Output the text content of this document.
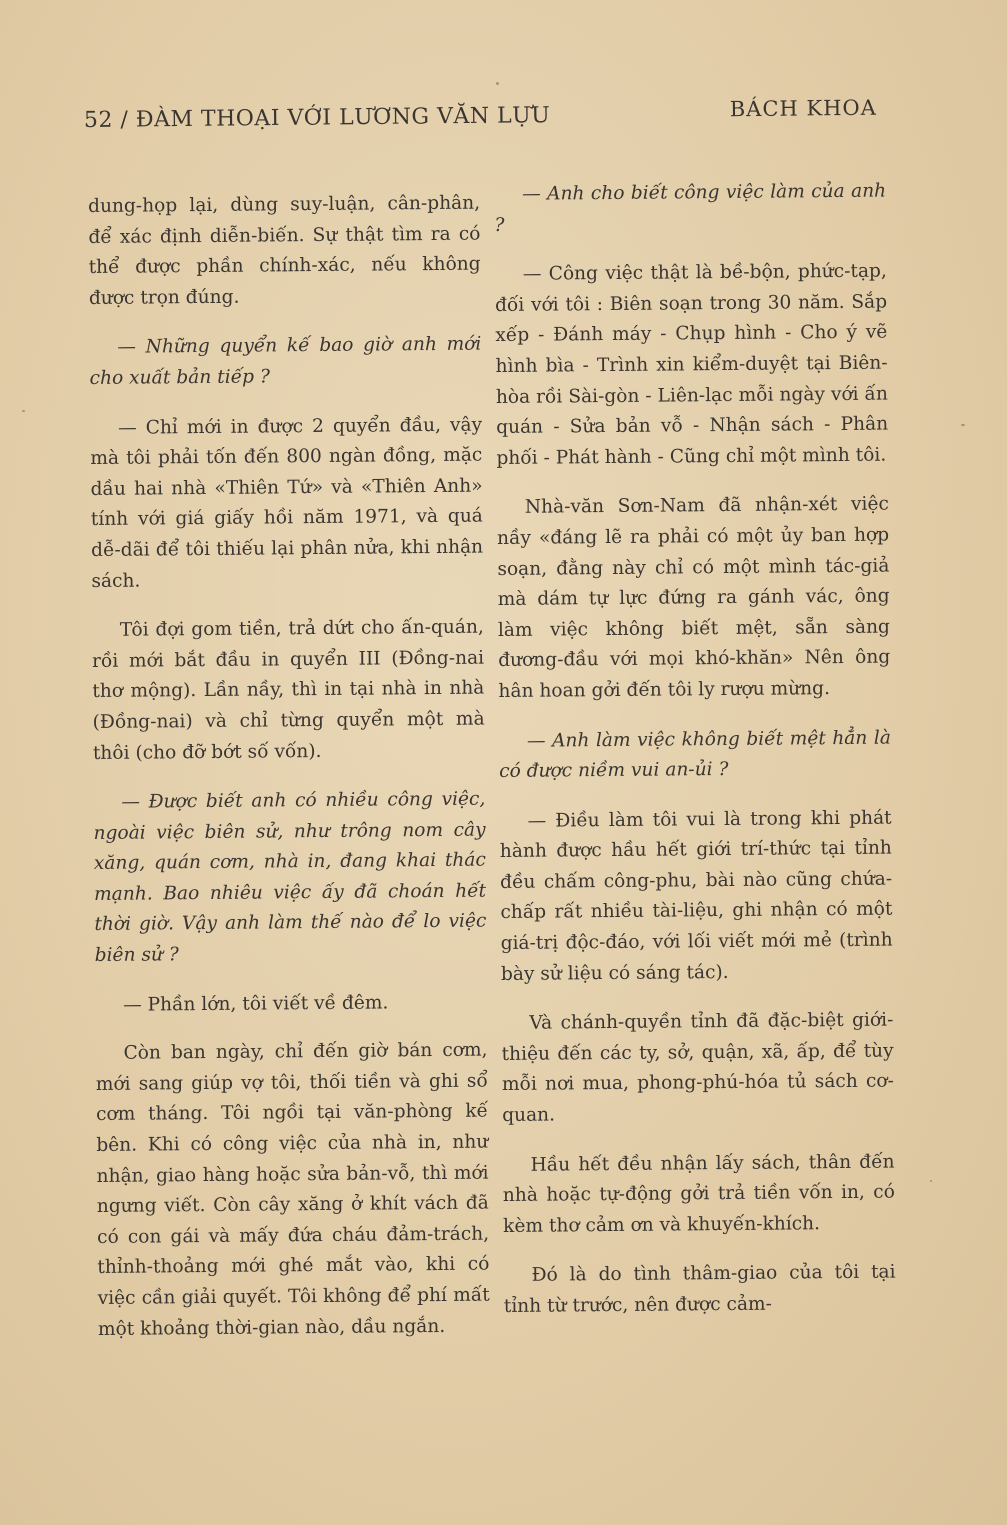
52 / ĐÀM THOẠI VỚI LƯƠNG VĂN LỰU	BÁCH KHOA

dung-họp lại, dùng suy-luận, cân-phân, để xác định diễn-biến. Sự thật tìm ra có thể được phần chính-xác, nếu không được trọn đúng.

— Những quyển kế bao giờ anh mới cho xuất bản tiếp ?

— Chỉ mới in được 2 quyển đầu, vậy mà tôi phải tốn đến 800 ngàn đồng, mặc dầu hai nhà «Thiên Tứ» và «Thiên Anh» tính với giá giấy hồi năm 1971, và quá dễ-dãi để tôi thiếu lại phân nửa, khi nhận sách.

Tôi đợi gom tiền, trả dứt cho ấn-quán, rồi mới bắt đầu in quyển III (Đồng-nai thơ mộng). Lần nầy, thì in tại nhà in nhà (Đồng-nai) và chỉ từng quyển một mà thôi (cho đỡ bớt số vốn).

— Được biết anh có nhiều công việc, ngoài việc biên sử, như trông nom cây xăng, quán cơm, nhà in, đang khai thác mạnh. Bao nhiêu việc ấy đã choán hết thời giờ. Vậy anh làm thế nào để lo việc biên sử ?

— Phần lớn, tôi viết về đêm.

Còn ban ngày, chỉ đến giờ bán cơm, mới sang giúp vợ tôi, thối tiền và ghi sổ cơm tháng. Tôi ngồi tại văn-phòng kế bên. Khi có công việc của nhà in, như nhận, giao hàng hoặc sửa bản-vỗ, thì mới ngưng viết. Còn cây xăng ở khít vách đã có con gái và mấy đứa cháu đảm-trách, thỉnh-thoảng mới ghé mắt vào, khi có việc cần giải quyết. Tôi không để phí mất một khoảng thời-gian nào, dầu ngắn.

— Anh cho biết công việc làm của anh ?

— Công việc thật là bề-bộn, phức-tạp, đối với tôi : Biên soạn trong 30 năm. Sắp xếp - Đánh máy - Chụp hình - Cho ý vẽ hình bìa - Trình xin kiểm-duyệt tại Biên-hòa rồi Sài-gòn - Liên-lạc mỗi ngày với ấn quán - Sửa bản vỗ - Nhận sách - Phân phối - Phát hành - Cũng chỉ một mình tôi.

Nhà-văn Sơn-Nam đã nhận-xét việc nầy «đáng lẽ ra phải có một ủy ban hợp soạn, đằng này chỉ có một mình tác-giả mà dám tự lực đứng ra gánh vác, ông làm việc không biết mệt, sẵn sàng đương-đầu với mọi khó-khăn» Nên ông hân hoan gởi đến tôi ly rượu mừng.

— Anh làm việc không biết mệt hẳn là có được niềm vui an-ủi ?

— Điều làm tôi vui là trong khi phát hành được hầu hết giới trí-thức tại tỉnh đều chấm công-phu, bài nào cũng chứa-chấp rất nhiều tài-liệu, ghi nhận có một giá-trị độc-đáo, với lối viết mới mẻ (trình bày sử liệu có sáng tác).

Và chánh-quyền tỉnh đã đặc-biệt giới-thiệu đến các ty, sở, quận, xã, ấp, để tùy mỗi nơi mua, phong-phú-hóa tủ sách cơ-quan.

Hầu hết đều nhận lấy sách, thân đến nhà hoặc tự-động gởi trả tiền vốn in, có kèm thơ cảm ơn và khuyến-khích.

Đó là do tình thâm-giao của tôi tại tỉnh từ trước, nên được cảm-
